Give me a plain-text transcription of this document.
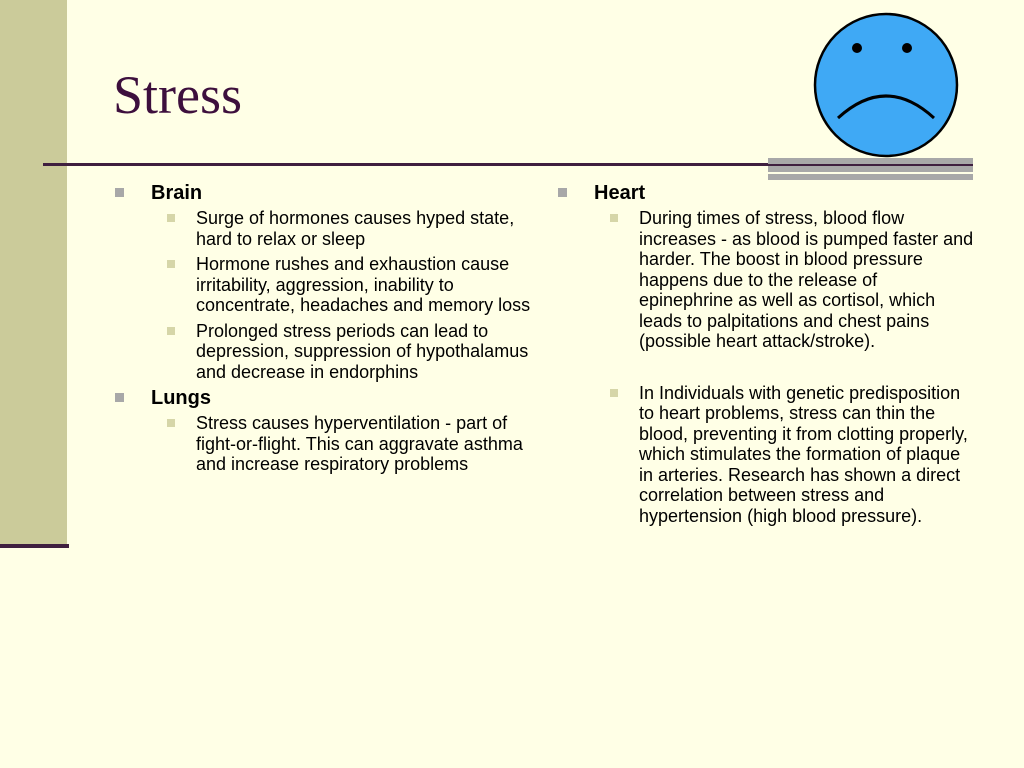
Stress
Brain
Surge of hormones causes hyped state, hard to relax or sleep
Hormone rushes and exhaustion cause irritability, aggression, inability to concentrate, headaches and memory loss
Prolonged stress periods can lead to depression, suppression of hypothalamus and decrease in endorphins
Lungs
Stress causes hyperventilation - part of fight-or-flight. This can aggravate asthma and increase respiratory problems
Heart
During times of stress, blood flow increases - as blood is pumped faster and harder. The boost in blood pressure happens due to the release of epinephrine as well as cortisol, which leads to palpitations and chest pains (possible heart attack/stroke).
In Individuals with genetic predisposition to heart problems, stress can thin the blood, preventing it from clotting properly, which stimulates the formation of plaque in arteries. Research has shown a direct correlation between stress and hypertension (high blood pressure).
